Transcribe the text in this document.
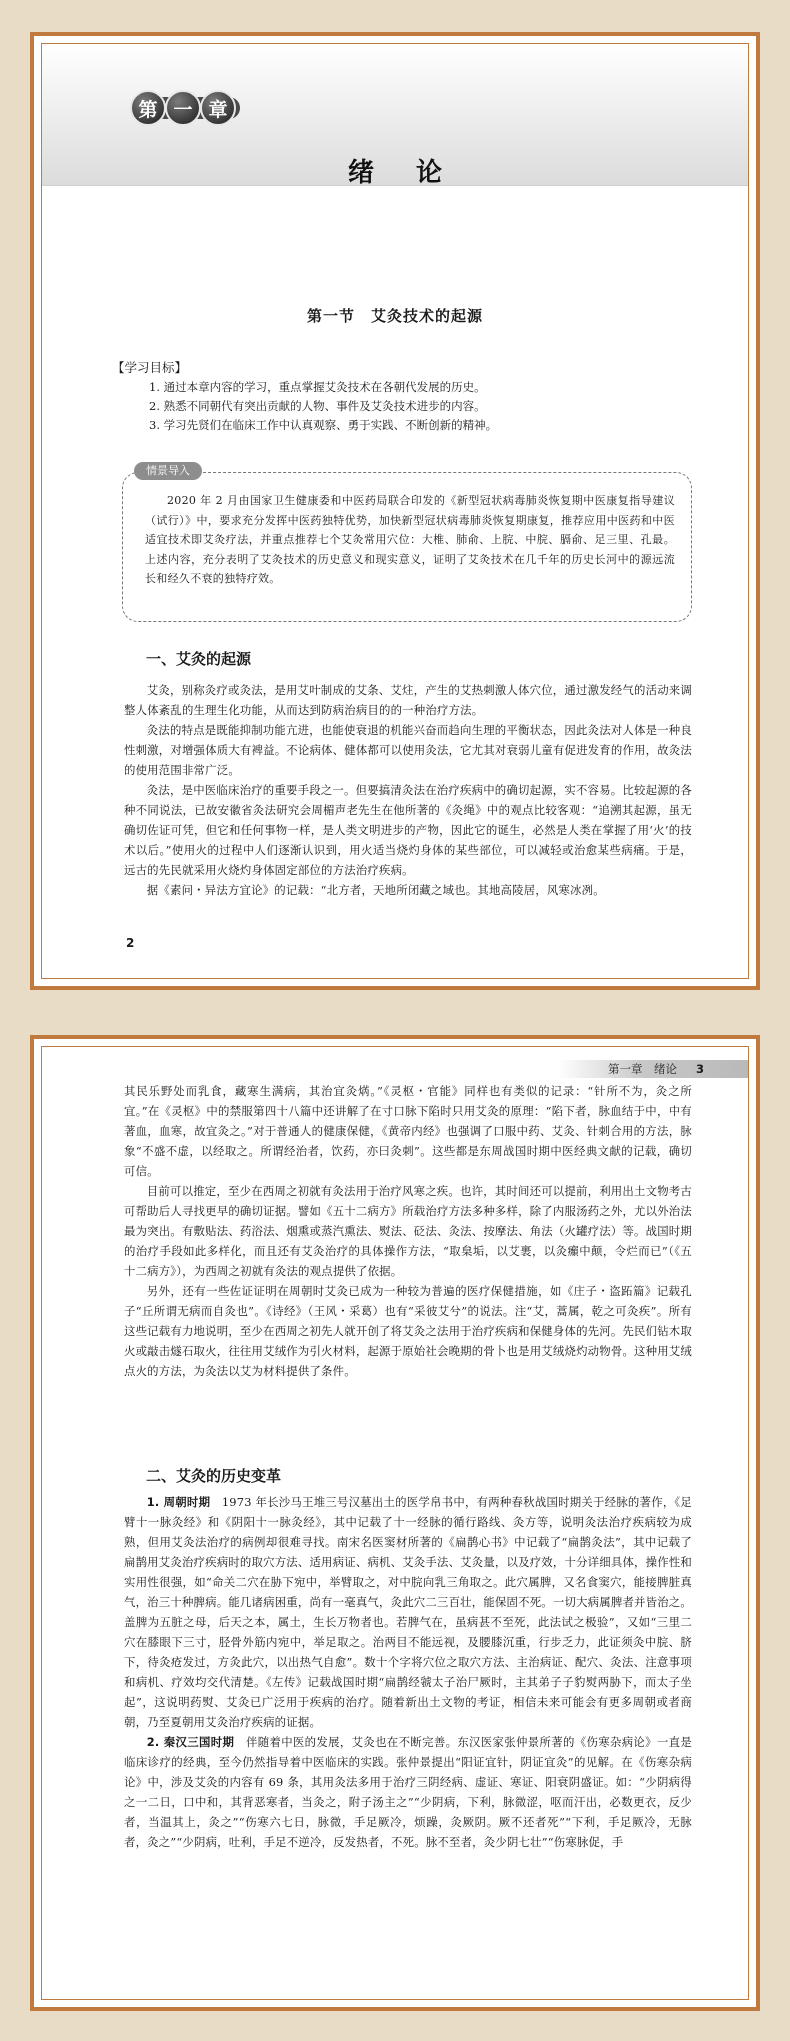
第 一 章
绪论
第一节　艾灸技术的起源
【学习目标】
1. 通过本章内容的学习，重点掌握艾灸技术在各朝代发展的历史。
2. 熟悉不同朝代有突出贡献的人物、事件及艾灸技术进步的内容。
3. 学习先贤们在临床工作中认真观察、勇于实践、不断创新的精神。

2020 年 2 月由国家卫生健康委和中医药局联合印发的《新型冠状病毒肺炎恢复期中医康复指导建议（试行）》中，要求充分发挥中医药独特优势，加快新型冠状病毒肺炎恢复期康复，推荐应用中医药和中医适宜技术即艾灸疗法，并重点推荐七个艾灸常用穴位：大椎、肺俞、上脘、中脘、膈俞、足三里、孔最。上述内容，充分表明了艾灸技术的历史意义和现实意义，证明了艾灸技术在几千年的历史长河中的源远流长和经久不衰的独特疗效。

情景导入
一、艾灸的起源

艾灸，别称灸疗或灸法，是用艾叶制成的艾条、艾炷，产生的艾热刺激人体穴位，通过激发经气的活动来调整人体紊乱的生理生化功能，从而达到防病治病目的的一种治疗方法。

灸法的特点是既能抑制功能亢进，也能使衰退的机能兴奋而趋向生理的平衡状态，因此灸法对人体是一种良性刺激，对增强体质大有裨益。不论病体、健体都可以使用灸法，它尤其对衰弱儿童有促进发育的作用，故灸法的使用范围非常广泛。

灸法，是中医临床治疗的重要手段之一。但要搞清灸法在治疗疾病中的确切起源，实不容易。比较起源的各种不同说法，已故安徽省灸法研究会周楣声老先生在他所著的《灸绳》中的观点比较客观：“追溯其起源，虽无确切佐证可凭，但它和任何事物一样，是人类文明进步的产物，因此它的诞生，必然是人类在掌握了用‘火’的技术以后。”使用火的过程中人们逐渐认识到，用火适当烧灼身体的某些部位，可以减轻或治愈某些病痛。于是，远古的先民就采用火烧灼身体固定部位的方法治疗疾病。

据《素问・异法方宜论》的记载：“北方者，天地所闭藏之域也。其地高陵居，风寒冰冽。

2
第一章　绪论 3

其民乐野处而乳食，藏寒生满病，其治宜灸焫。”《灵枢・官能》同样也有类似的记录：“针所不为，灸之所宜。”在《灵枢》中的禁服第四十八篇中还讲解了在寸口脉下陷时只用艾灸的原理：“陷下者，脉血结于中，中有著血，血寒，故宜灸之。”对于普通人的健康保健，《黄帝内经》也强调了口服中药、艾灸、针刺合用的方法，脉象“不盛不虚，以经取之。所谓经治者，饮药，亦曰灸刺”。这些都是东周战国时期中医经典文献的记载，确切可信。

目前可以推定，至少在西周之初就有灸法用于治疗风寒之疾。也许，其时间还可以提前，利用出土文物考古可帮助后人寻找更早的确切证据。譬如《五十二病方》所载治疗方法多种多样，除了内服汤药之外，尤以外治法最为突出。有敷贴法、药浴法、烟熏或蒸汽熏法、熨法、砭法、灸法、按摩法、角法（火罐疗法）等。战国时期的治疗手段如此多样化，而且还有艾灸治疗的具体操作方法，“取枲垢，以艾裹，以灸㿗中颠，令烂而已”（《五十二病方》），为西周之初就有灸法的观点提供了依据。

另外，还有一些佐证证明在周朝时艾灸已成为一种较为普遍的医疗保健措施，如《庄子・盗跖篇》记载孔子“丘所谓无病而自灸也”。《诗经》（王风・采葛）也有“采彼艾兮”的说法。注“艾，蒿属，乾之可灸疾”。所有这些记载有力地说明，至少在西周之初先人就开创了将艾灸之法用于治疗疾病和保健身体的先河。先民们钻木取火或敲击燧石取火，往往用艾绒作为引火材料，起源于原始社会晚期的骨卜也是用艾绒烧灼动物骨。这种用艾绒点火的方法，为灸法以艾为材料提供了条件。

二、艾灸的历史变革

1. 周朝时期　 1973 年长沙马王堆三号汉墓出土的医学帛书中，有两种春秋战国时期关于经脉的著作，《足臂十一脉灸经》和《阴阳十一脉灸经》，其中记载了十一经脉的循行路线、灸方等，说明灸法治疗疾病较为成熟，但用艾灸法治疗的病例却很难寻找。南宋名医窦材所著的《扁鹊心书》中记载了“扁鹊灸法”，其中记载了扁鹊用艾灸治疗疾病时的取穴方法、适用病证、病机、艾灸手法、艾灸量，以及疗效，十分详细具体，操作性和实用性很强，如“命关二穴在胁下宛中，举臂取之，对中脘向乳三角取之。此穴属脾，又名食窦穴，能接脾脏真气，治三十种脾病。能几诸病困重，尚有一毫真气，灸此穴二三百壮，能保固不死。一切大病属脾者并皆治之。盖脾为五脏之母，后天之本，属土，生长万物者也。若脾气在，虽病甚不至死，此法试之极验”，又如“三里二穴在膝眼下三寸，胫骨外筋内宛中，举足取之。治两目不能远视，及腰膝沉重，行步乏力，此证须灸中脘、脐下，待灸疮发过，方灸此穴，以出热气自愈”。数十个字将穴位之取穴方法、主治病证、配穴、灸法、注意事项和病机、疗效均交代清楚。《左传》记载战国时期“扁鹊经虢太子治尸厥时，主其弟子子豹熨两胁下，而太子坐起”，这说明药熨、艾灸已广泛用于疾病的治疗。随着新出土文物的考证，相信未来可能会有更多周朝或者商朝，乃至夏朝用艾灸治疗疾病的证据。

2. 秦汉三国时期　 伴随着中医的发展，艾灸也在不断完善。东汉医家张仲景所著的《伤寒杂病论》一直是临床诊疗的经典，至今仍然指导着中医临床的实践。张仲景提出“阳证宜针，阴证宜灸”的见解。在《伤寒杂病论》中，涉及艾灸的内容有 69 条，其用灸法多用于治疗三阴经病、虚证、寒证、阳衰阴盛证。如：“少阴病得之一二日，口中和，其背恶寒者，当灸之，附子汤主之”“少阴病，下利，脉微涩，呕而汗出，必数更衣，反少者，当温其上，灸之”“伤寒六七日，脉微，手足厥冷，烦躁，灸厥阴。厥不还者死”“下利，手足厥冷，无脉者，灸之”“少阴病，吐利，手足不逆冷，反发热者，不死。脉不至者，灸少阴七壮”“伤寒脉促，手
